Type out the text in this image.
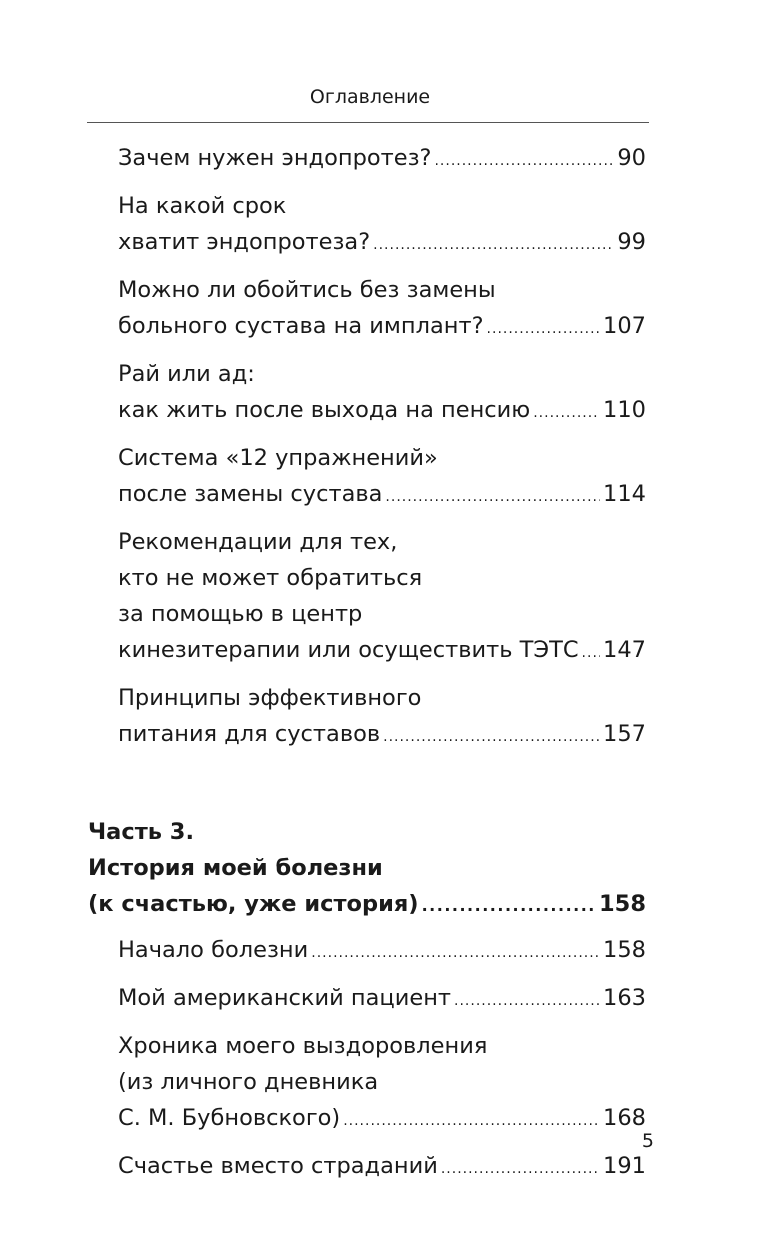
Оглавление
Зачем нужен эндопротез? .....	90
На какой срок
хватит эндопротеза? .....	99
Можно ли обойтись без замены
больного сустава на имплант? .....	107
Рай или ад:
как жить после выхода на пенсию .....	110
Система «12 упражнений»
после замены сустава .....	114
Рекомендации для тех,
кто не может обратиться
за помощью в центр
кинезитерапии или осуществить ТЭТС ..... 147
Принципы эффективного
питания для суставов .....	157
Часть 3.
История моей болезни
(к счастью, уже история) .....	158
Начало болезни .....	158
Мой американский пациент .....	163
Хроника моего выздоровления
(из личного дневника
С. М. Бубновского) .....	168
Счастье вместо страданий .....	191
5
